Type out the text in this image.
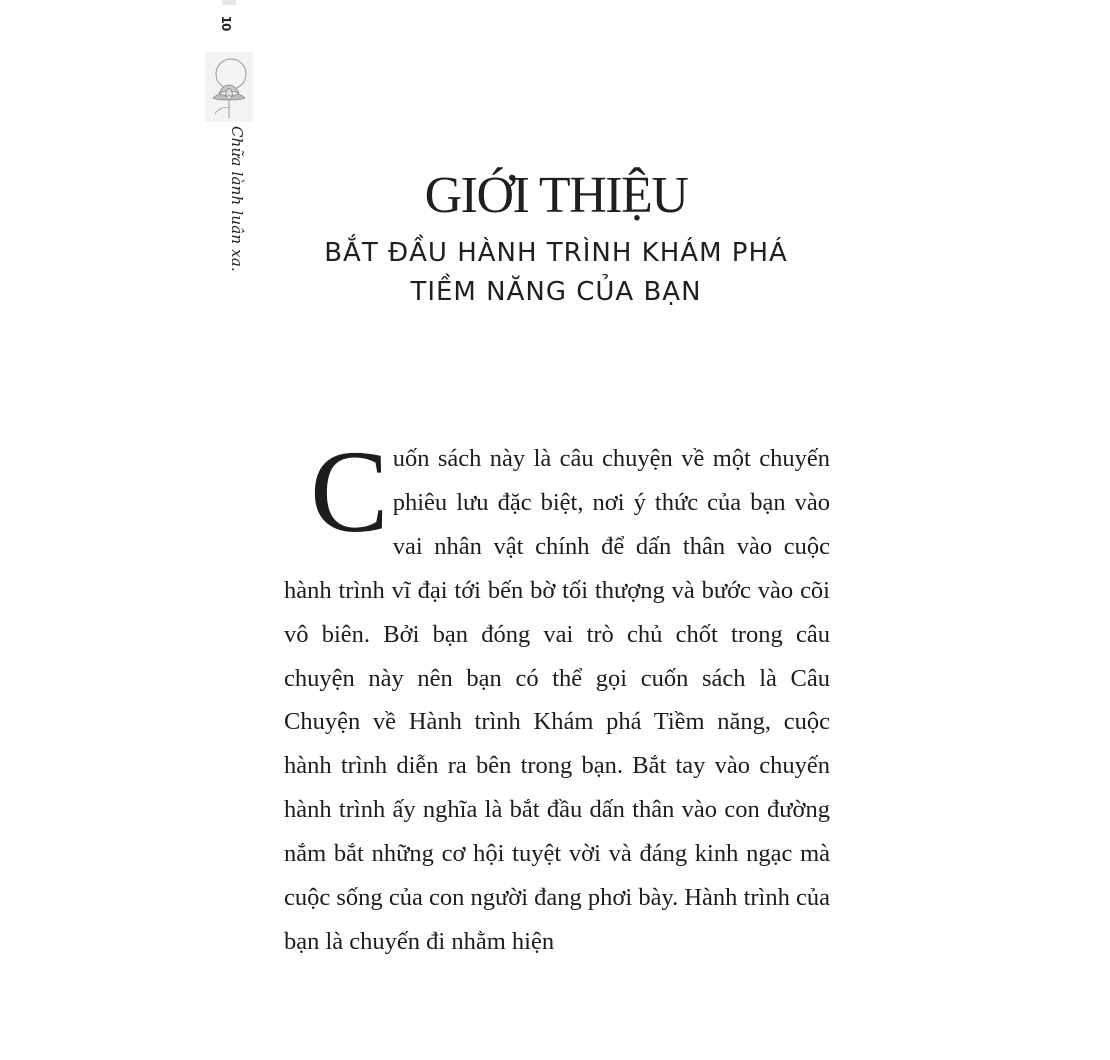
10
Chữa lành luân xa.	GIỚI THIỆU
BẮT ĐẦU HÀNH TRÌNH KHÁM PHÁ
TIỀM NĂNG CỦA BẠN

Cuốn sách này là câu chuyện về một chuyến phiêu lưu đặc biệt, nơi ý thức của bạn vào vai nhân vật chính để dấn thân vào cuộc hành trình vĩ đại tới bến bờ tối thượng và bước vào cõi vô biên. Bởi bạn đóng vai trò chủ chốt trong câu chuyện này nên bạn có thể gọi cuốn sách là Câu Chuyện về Hành trình Khám phá Tiềm năng, cuộc hành trình diễn ra bên trong bạn. Bắt tay vào chuyến hành trình ấy nghĩa là bắt đầu dấn thân vào con đường nắm bắt những cơ hội tuyệt vời và đáng kinh ngạc mà cuộc sống của con người đang phơi bày. Hành trình của bạn là chuyến đi nhằm hiện
